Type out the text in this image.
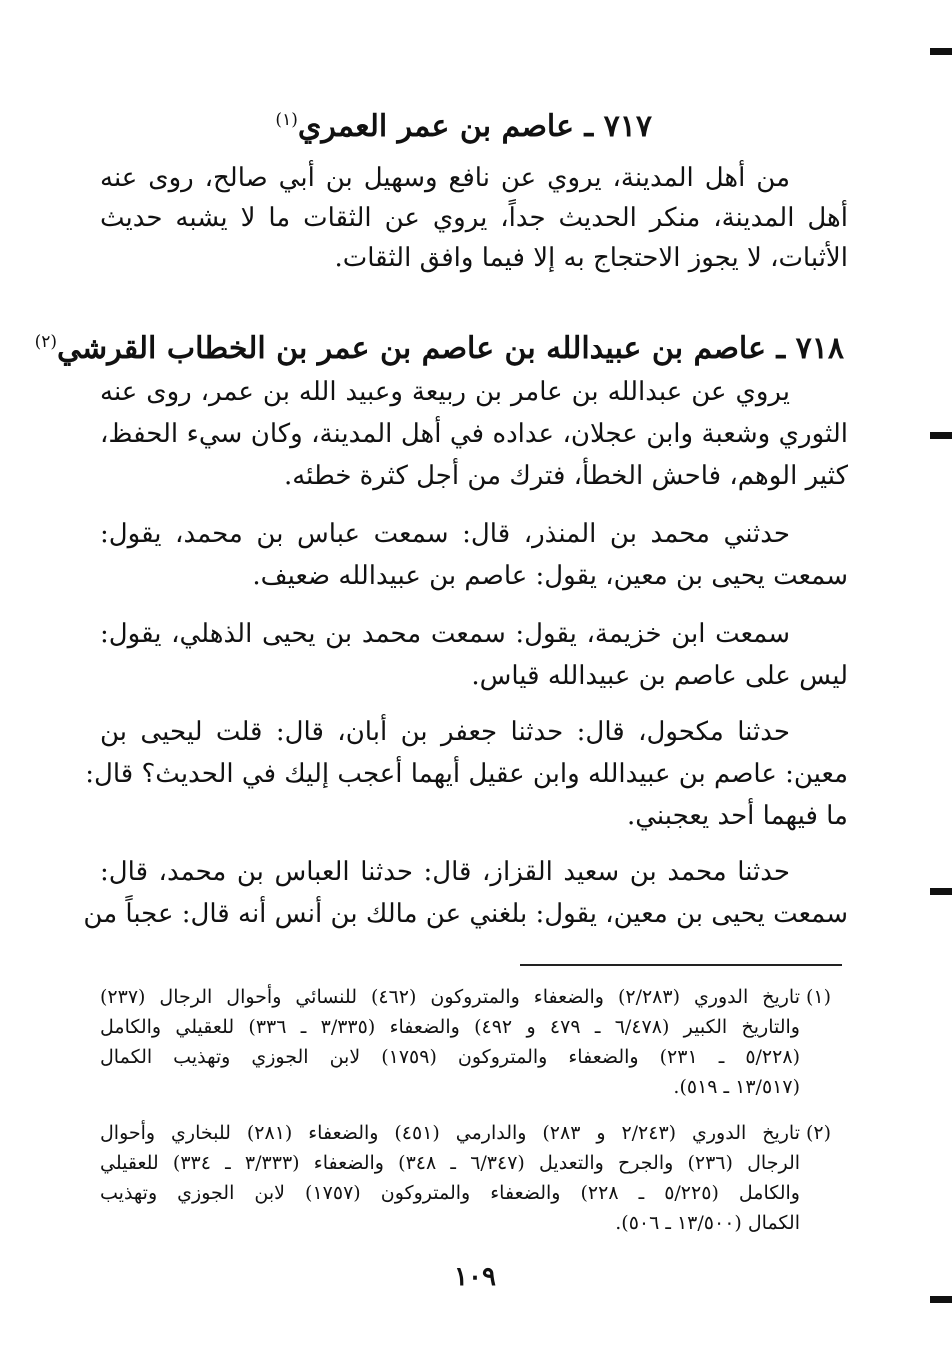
٧١٧ ـ عاصم بن عمر العمري$^{(١)}$

من أهل المدينة، يروي عن نافع وسهيل بن أبي صالح، روى عنه

أهل المدينة، منكر الحديث جداً، يروي عن الثقات ما لا يشبه حديث

الأثبات، لا يجوز الاحتجاج به إلا فيما وافق الثقات.

٧١٨ ـ عاصم بن عبيدالله بن عاصم بن عمر بن الخطاب القرشي$^{(٢)}$

يروي عن عبدالله بن عامر بن ربيعة وعبيد الله بن عمر، روى عنه

الثوري وشعبة وابن عجلان، عداده في أهل المدينة، وكان سيء الحفظ،

كثير الوهم، فاحش الخطأ، فترك من أجل كثرة خطئه.

حدثني محمد بن المنذر، قال: سمعت عباس بن محمد، يقول:

سمعت يحيى بن معين، يقول: عاصم بن عبيدالله ضعيف.

سمعت ابن خزيمة، يقول: سمعت محمد بن يحيى الذهلي، يقول:

ليس على عاصم بن عبيدالله قياس.

حدثنا مكحول، قال: حدثنا جعفر بن أبان، قال: قلت ليحيى بن

معين: عاصم بن عبيدالله وابن عقيل أيهما أعجب إليك في الحديث؟ قال:

ما فيهما أحد يعجبني.

حدثنا محمد بن سعيد القزاز، قال: حدثنا العباس بن محمد، قال:

سمعت يحيى بن معين، يقول: بلغني عن مالك بن أنس أنه قال: عجباً من

(١)

تاريخ الدوري (٢/٢٨٣) والضعفاء والمتروكون (٤٦٢) للنسائي وأحوال الرجال (٢٣٧)

والتاريخ الكبير (٦/٤٧٨ ـ ٤٧٩ و ٤٩٢) والضعفاء (٣/٣٣٥ ـ ٣٣٦) للعقيلي والكامل

(٥/٢٢٨ ـ ٢٣١) والضعفاء والمتروكون (١٧٥٩) لابن الجوزي وتهذيب الكمال

(١٣/٥١٧ ـ ٥١٩).

(٢)

تاريخ الدوري (٢/٢٤٣ و ٢٨٣) والدارمي (٤٥١) والضعفاء (٢٨١) للبخاري وأحوال

الرجال (٢٣٦) والجرح والتعديل (٦/٣٤٧ ـ ٣٤٨) والضعفاء (٣/٣٣٣ ـ ٣٣٤) للعقيلي

والكامل (٥/٢٢٥ ـ ٢٢٨) والضعفاء والمتروكون (١٧٥٧) لابن الجوزي وتهذيب

الكمال (١٣/٥٠٠ ـ ٥٠٦).

١٠٩
